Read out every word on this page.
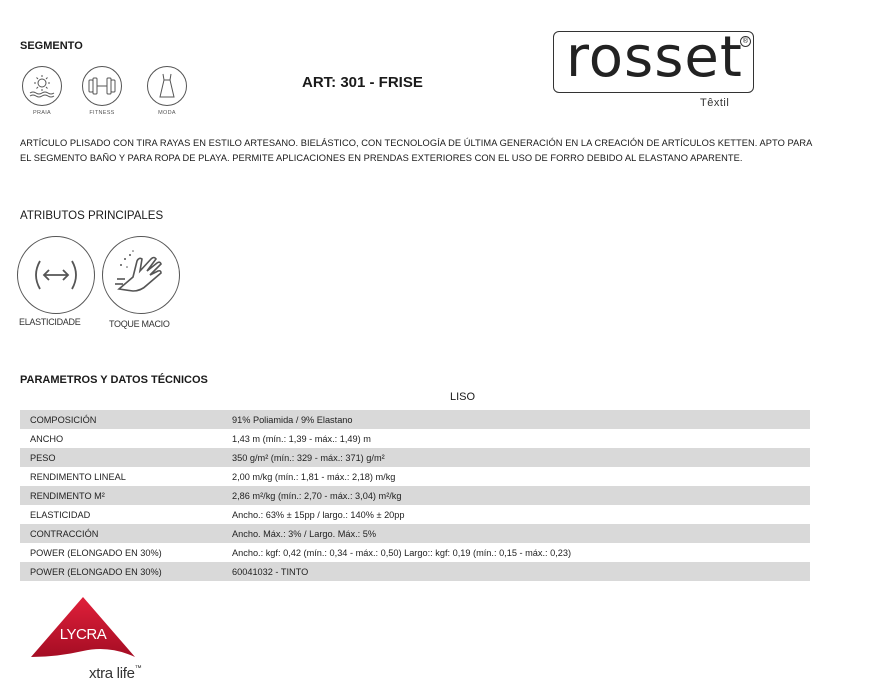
SEGMENTO
PRAIA	FITNESS	MODA
ART: 301 - FRISE	rosset ®
Têxtil
ARTÍCULO PLISADO CON TIRA RAYAS EN ESTILO ARTESANO. BIELÁSTICO, CON TECNOLOGÍA DE ÚLTIMA GENERACIÓN EN LA CREACIÓN DE ARTÍCULOS KETTEN. APTO PARA EL SEGMENTO BAÑO Y PARA ROPA DE PLAYA. PERMITE APLICACIONES EN PRENDAS EXTERIORES CON EL USO DE FORRO DEBIDO AL ELASTANO APARENTE.
ATRIBUTOS PRINCIPALES
ELASTICIDADE	TOQUE MACIO
PARAMETROS Y DATOS TÉCNICOS
LISO
COMPOSICIÓN	91% Poliamida / 9% Elastano
ANCHO	1,43 m (mín.: 1,39 - máx.: 1,49) m
PESO	350 g/m² (mín.: 329 - máx.: 371) g/m²
RENDIMENTO LINEAL	2,00 m/kg (mín.: 1,81 - máx.: 2,18) m/kg
RENDIMENTO M²	2,86 m²/kg (mín.: 2,70 - máx.: 3,04) m²/kg
ELASTICIDAD	Ancho.: 63% ± 15pp / largo.: 140% ± 20pp
CONTRACCIÓN	Ancho. Máx.: 3% / Largo. Máx.: 5%
POWER (ELONGADO EN 30%)	Ancho.: kgf: 0,42 (mín.: 0,34 - máx.: 0,50) Largo:: kgf: 0,19 (mín.: 0,15 - máx.: 0,23)
POWER (ELONGADO EN 30%)	60041032 - TINTO
LYCRA
xtra life™
